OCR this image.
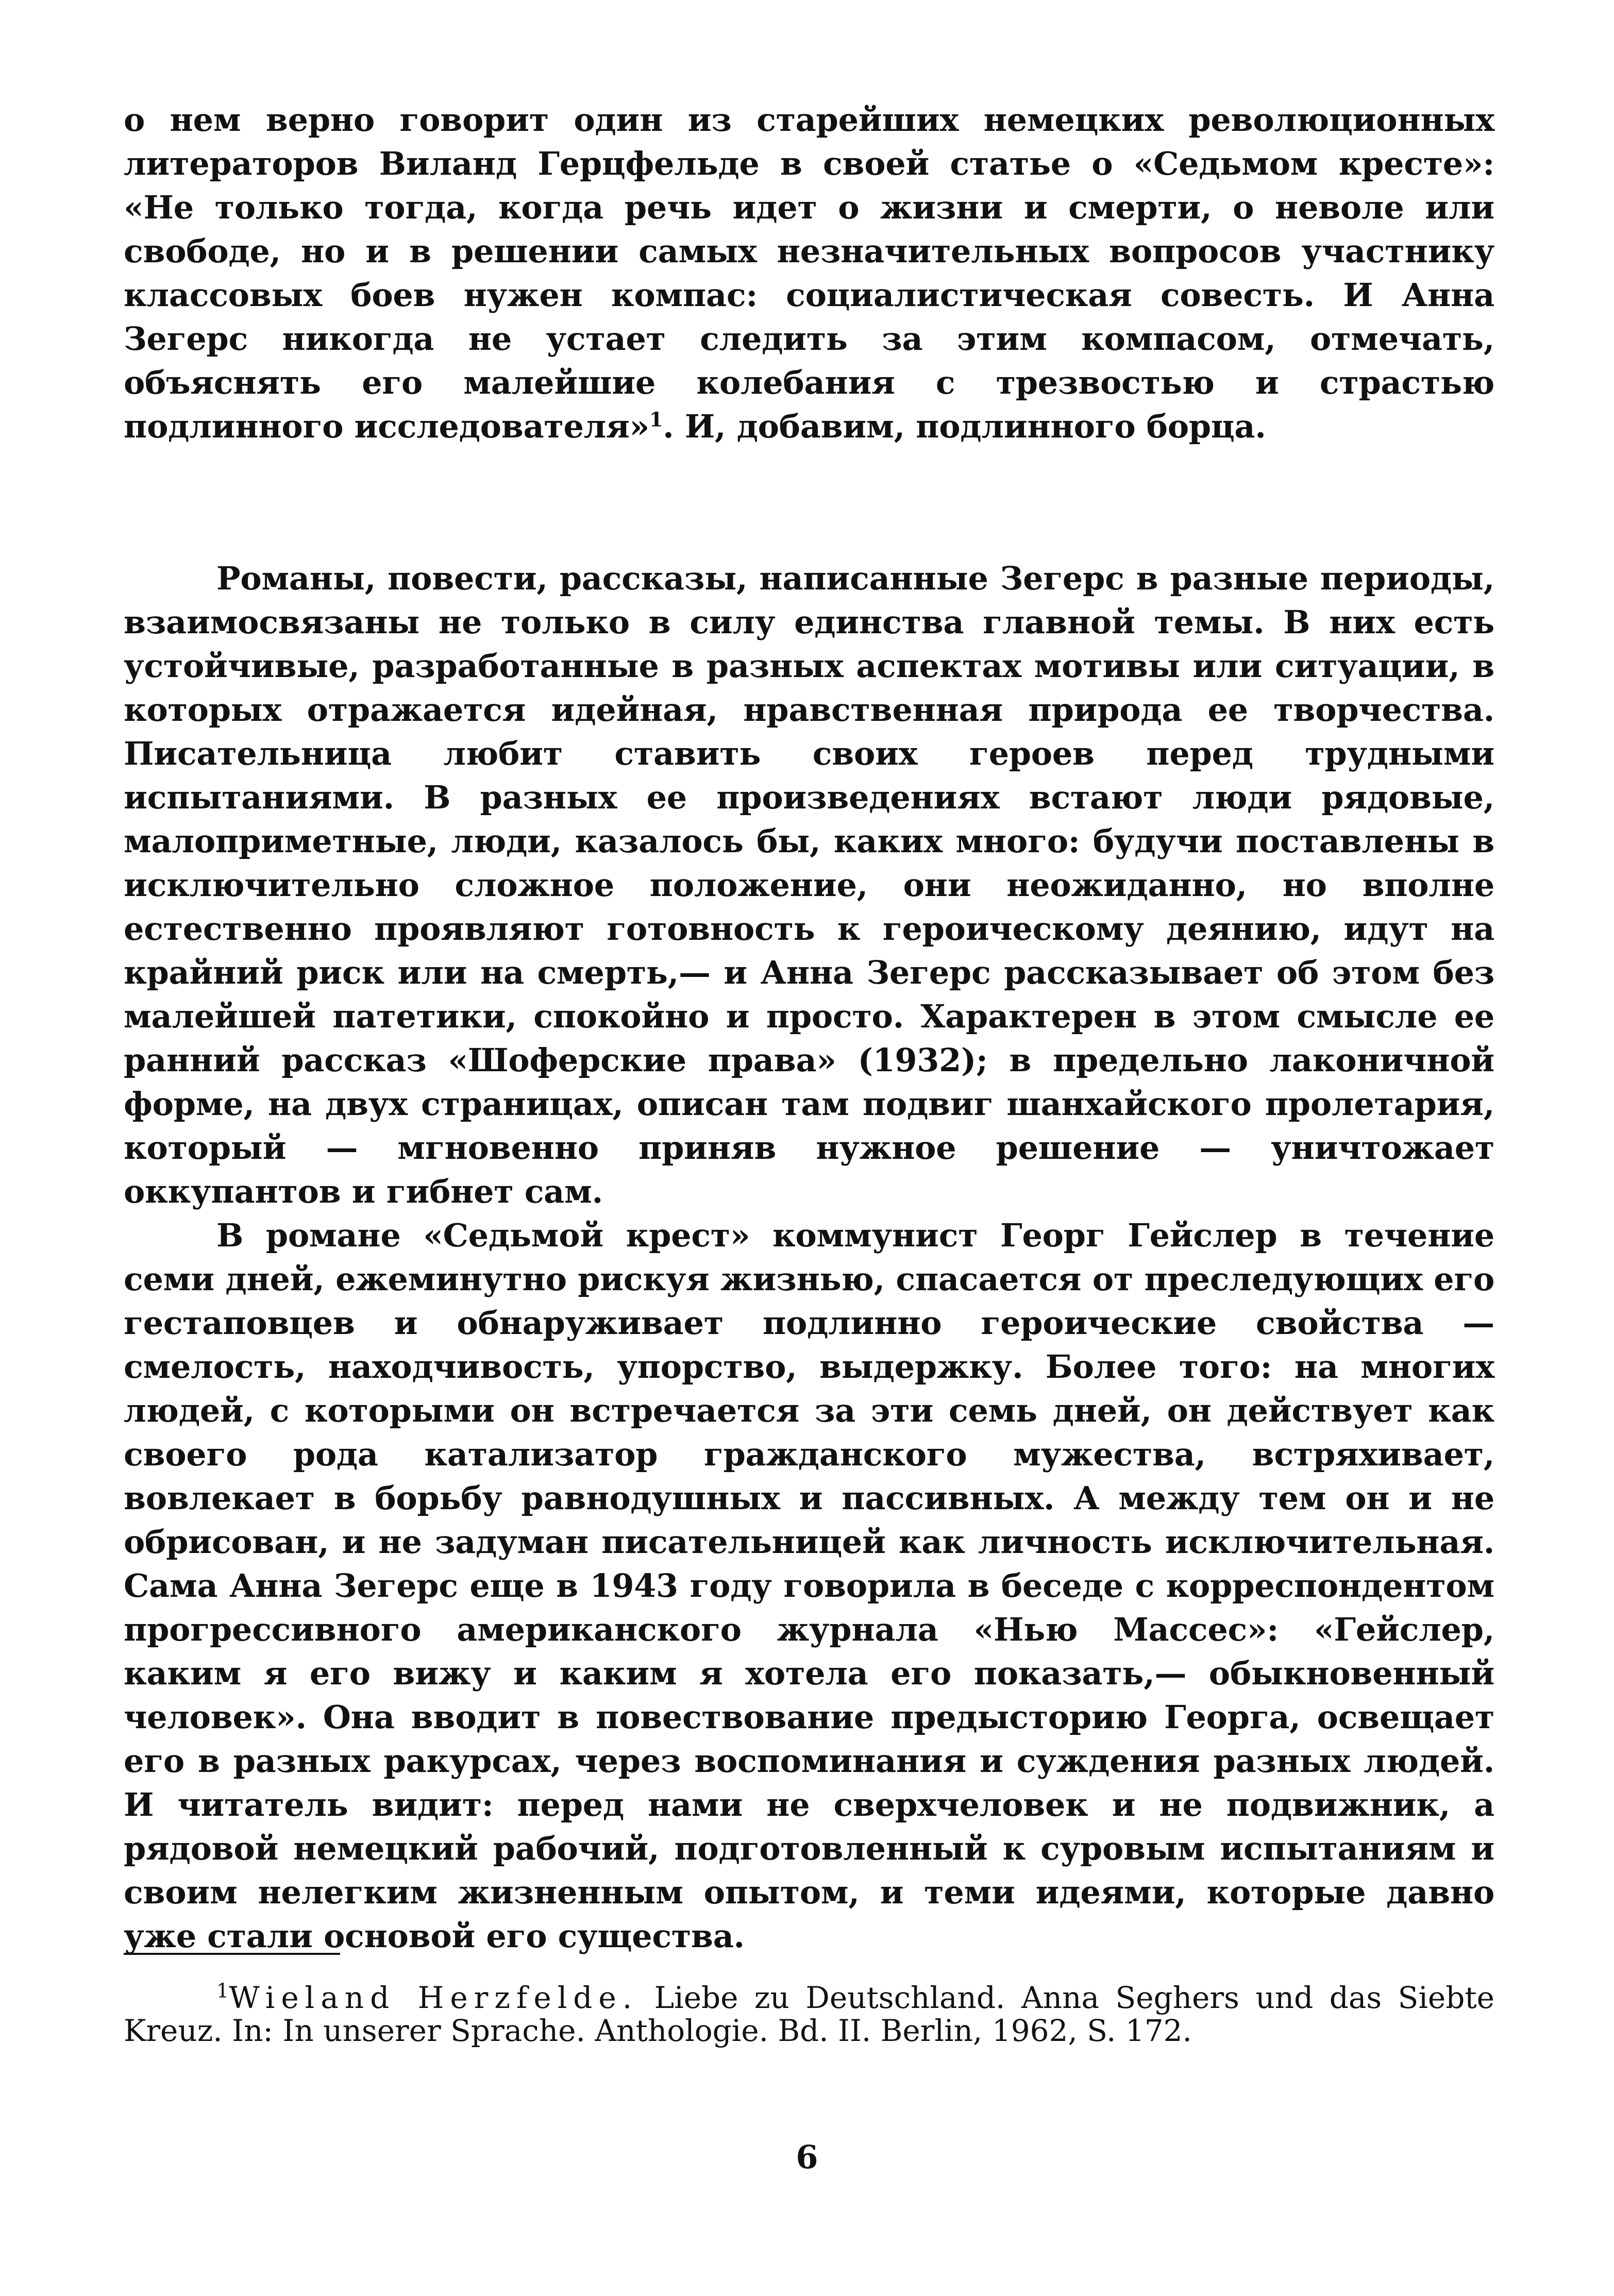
о нем верно говорит один из старейших немецких революционных литераторов Виланд Герцфельде в своей статье о «Седьмом кресте»: «Не только тогда, когда речь идет о жизни и смерти, о неволе или свободе, но и в решении самых незначительных вопросов участнику классовых боев нужен компас: социалистическая совесть. И Анна Зегерс никогда не устает следить за этим компасом, отмечать, объяснять его малейшие колебания с трезвостью и страстью подлинного исследователя»$^1$. И, добавим, подлинного борца.

Романы, повести, рассказы, написанные Зегерс в разные периоды, взаимосвязаны не только в силу единства главной темы. В них есть устойчивые, разработанные в разных аспектах мотивы или ситуации, в которых отражается идейная, нравственная природа ее творчества. Писательница любит ставить своих героев перед трудными испытаниями. В разных ее произведениях встают люди рядовые, малоприметные, люди, казалось бы, каких много: будучи поставлены в исключительно сложное положение, они неожиданно, но вполне естественно проявляют готовность к героическому деянию, идут на крайний риск или на смерть,— и Анна Зегерс рассказывает об этом без малейшей патетики, спокойно и просто. Характерен в этом смысле ее ранний рассказ «Шоферские права» (1932); в предельно лаконичной форме, на двух страницах, описан там подвиг шанхайского пролетария, который — мгновенно приняв нужное решение — уничтожает оккупантов и гибнет сам.

В романе «Седьмой крест» коммунист Георг Гейслер в течение семи дней, ежеминутно рискуя жизнью, спасается от преследующих его гестаповцев и обнаруживает подлинно героические свойства — смелость, находчивость, упорство, выдержку. Более того: на многих людей, с которыми он встречается за эти семь дней, он действует как своего рода катализатор гражданского мужества, встряхивает, вовлекает в борьбу равнодушных и пассивных. А между тем он и не обрисован, и не задуман писательницей как личность исключительная. Сама Анна Зегерс еще в 1943 году говорила в беседе с корреспондентом прогрессивного американского журнала «Нью Массес»: «Гейслер, каким я его вижу и каким я хотела его показать,— обыкновенный человек». Она вводит в повествование предысторию Георга, освещает его в разных ракурсах, через воспоминания и суждения разных людей. И читатель видит: перед нами не сверхчеловек и не подвижник, а рядовой немецкий рабочий, подготовленный к суровым испытаниям и своим нелегким жизненным опытом, и теми идеями, которые давно уже стали основой его существа.

$^1$Wieland Herzfelde. Liebe zu Deutschland. Anna Seghers und das Siebte Kreuz. In: In unserer Sprache. Anthologie. Bd. II. Berlin, 1962, S. 172.

6
